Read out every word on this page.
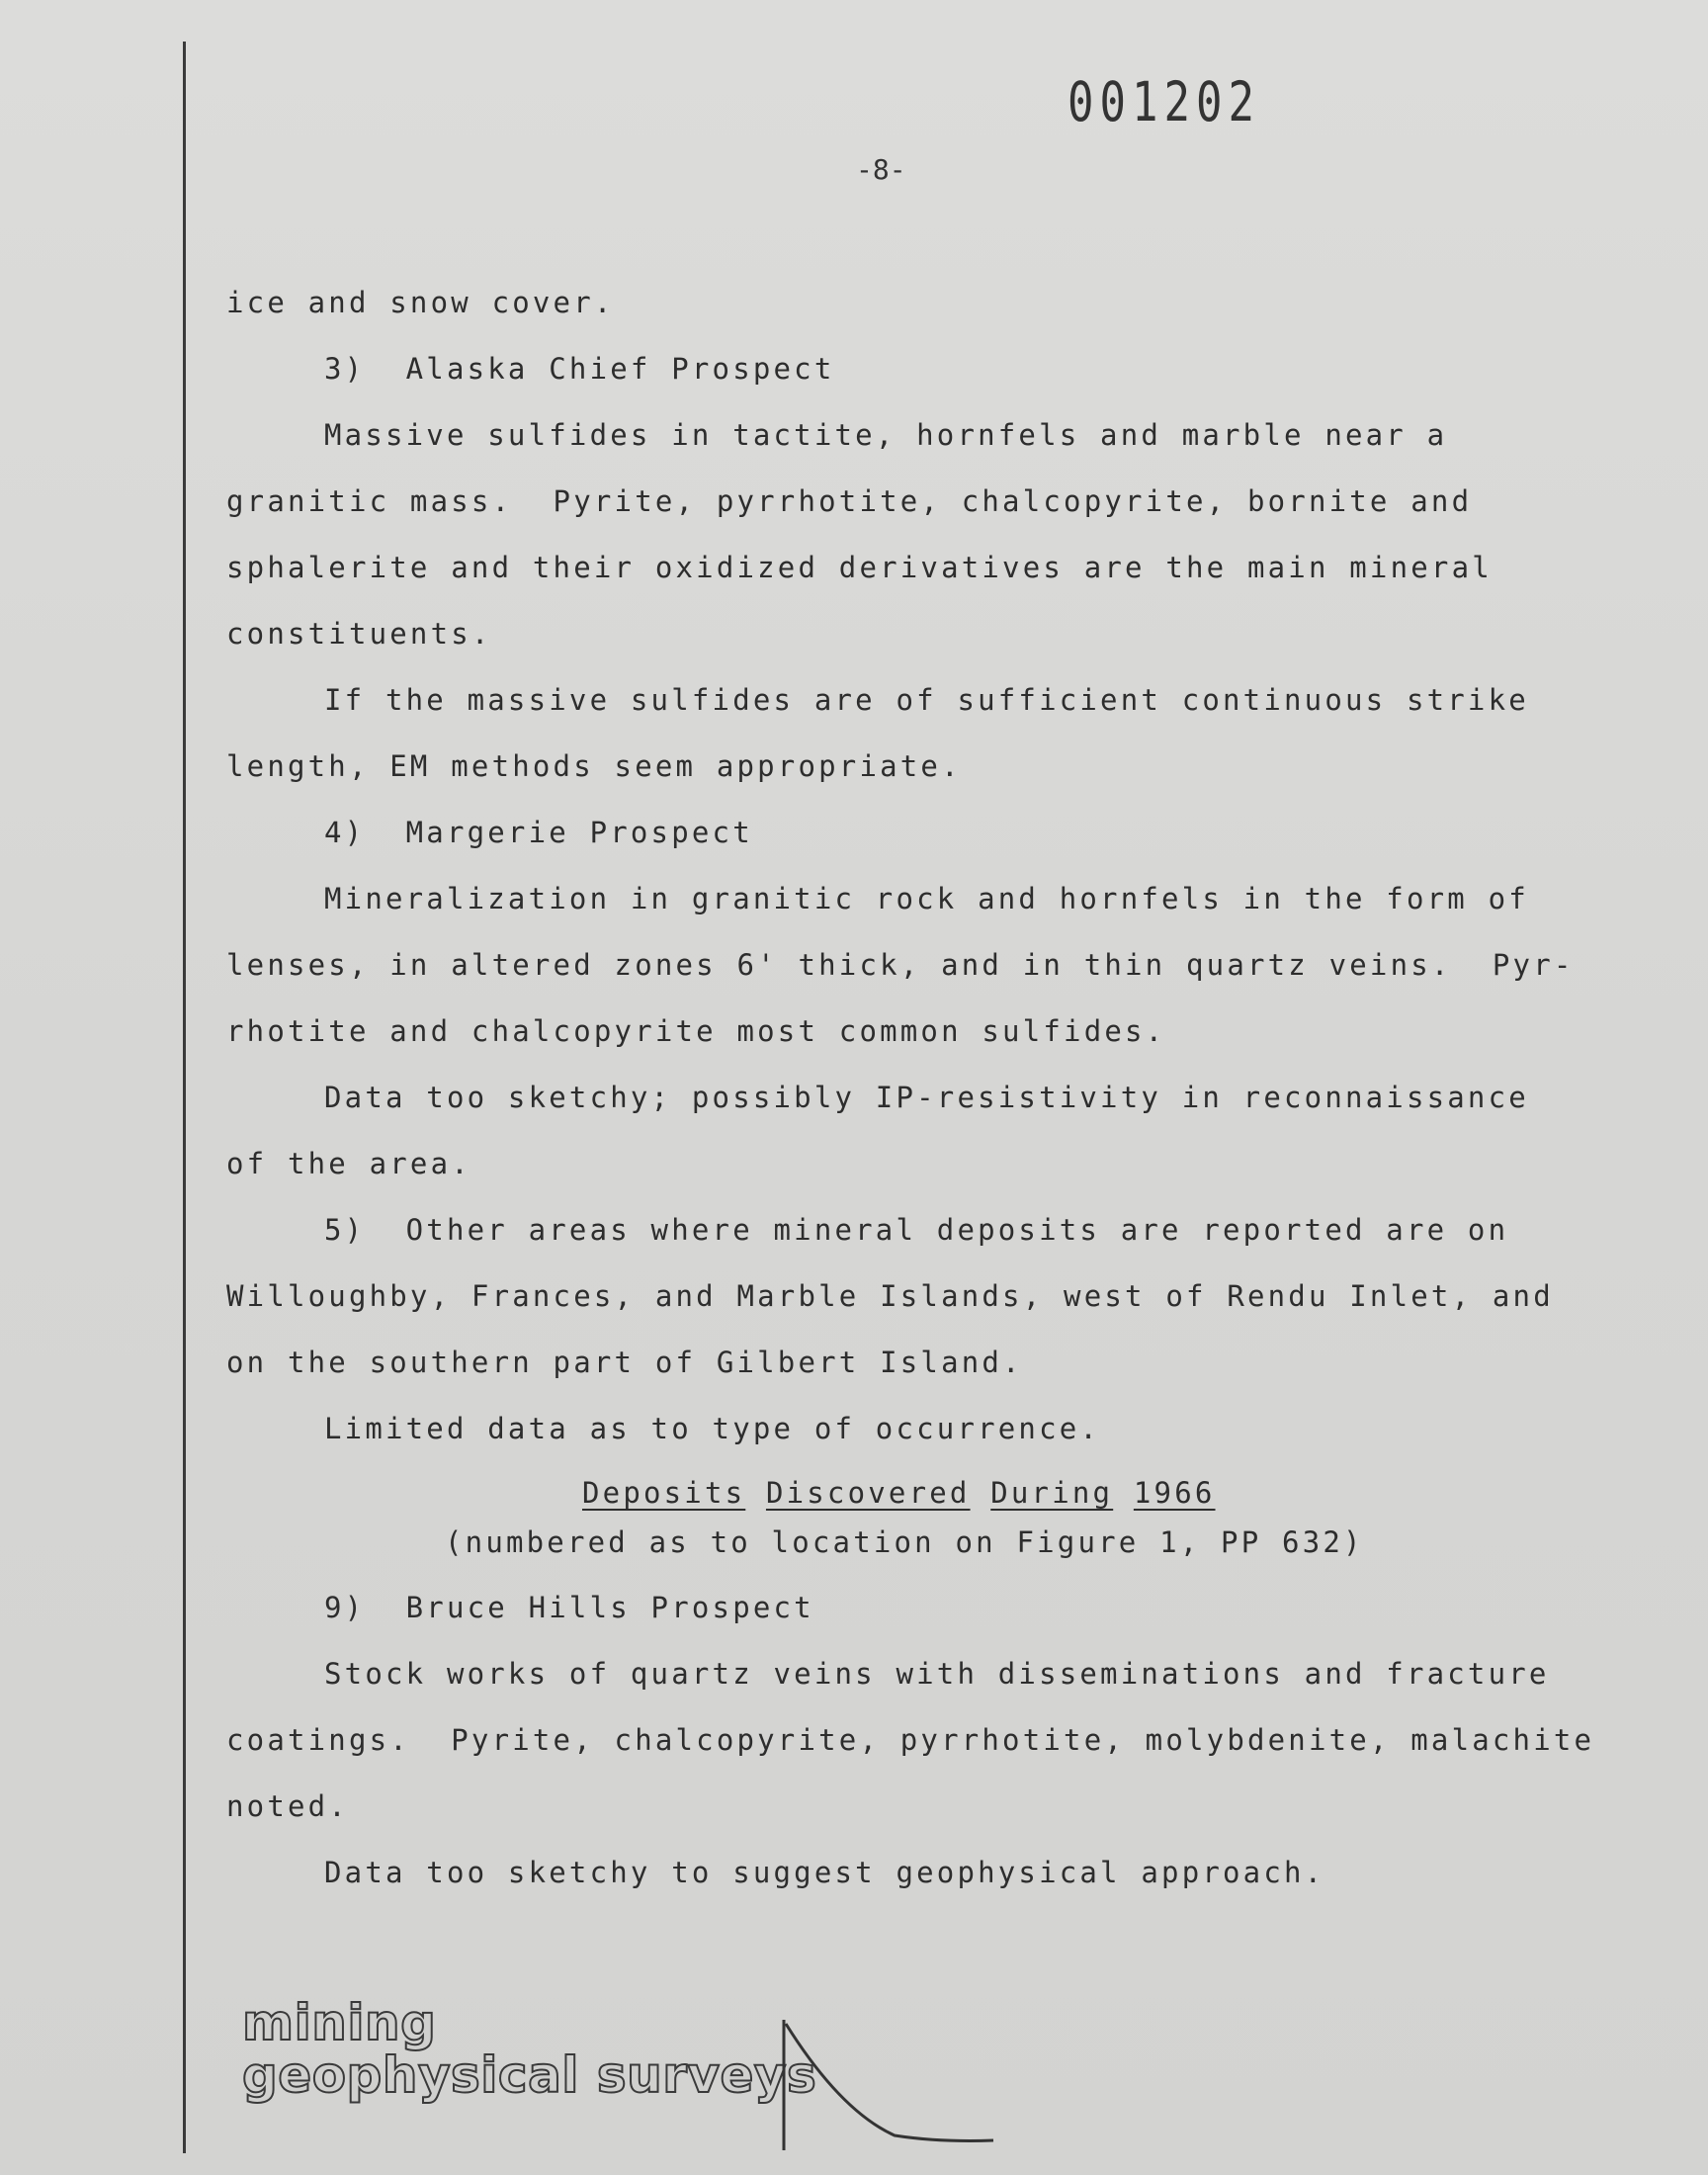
001202
-8-
ice and snow cover.
3)  Alaska Chief Prospect
Massive sulfides in tactite, hornfels and marble near a
granitic mass.  Pyrite, pyrrhotite, chalcopyrite, bornite and
sphalerite and their oxidized derivatives are the main mineral
constituents.
If the massive sulfides are of sufficient continuous strike
length, EM methods seem appropriate.
4)  Margerie Prospect
Mineralization in granitic rock and hornfels in the form of
lenses, in altered zones 6' thick, and in thin quartz veins.  Pyr-
rhotite and chalcopyrite most common sulfides.
Data too sketchy; possibly IP-resistivity in reconnaissance
of the area.
5)  Other areas where mineral deposits are reported are on
Willoughby, Frances, and Marble Islands, west of Rendu Inlet, and
on the southern part of Gilbert Island.
Limited data as to type of occurrence.
Deposits Discovered During 1966
(numbered as to location on Figure 1, PP 632)
9)  Bruce Hills Prospect
Stock works of quartz veins with disseminations and fracture
coatings.  Pyrite, chalcopyrite, pyrrhotite, molybdenite, malachite
noted.
Data too sketchy to suggest geophysical approach.
mining
geophysical surveys
